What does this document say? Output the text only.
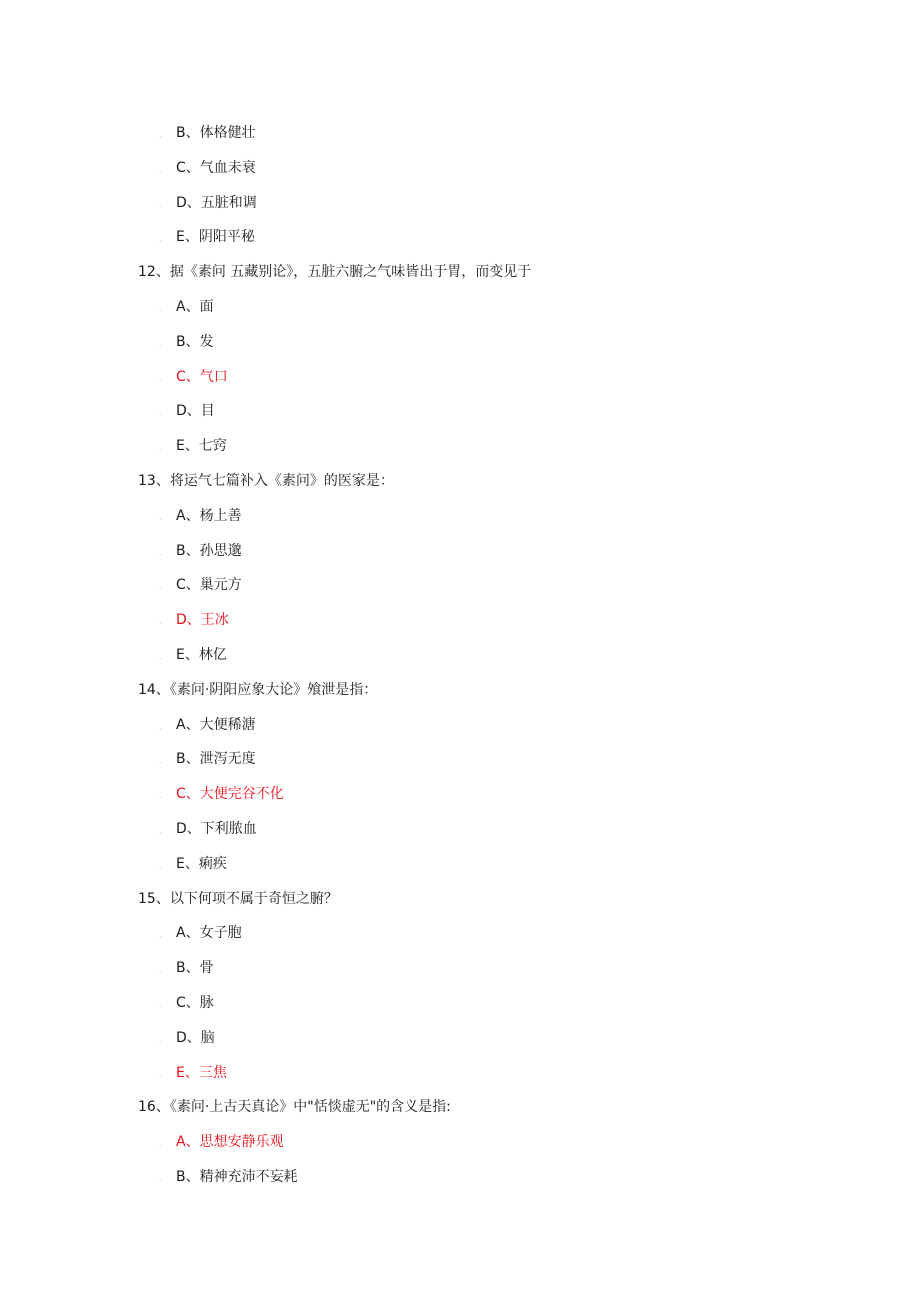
. B、体格健壮
. C、气血未衰
. D、五脏和调
. E、阴阳平秘
12、据《素问 五藏别论》，五脏六腑之气味皆出于胃，而变见于
. A、面
. B、发
. C、气口
. D、目
. E、七窍
13、将运气七篇补入《素问》的医家是：
. A、杨上善
. B、孙思邈
. C、巢元方
. D、王冰
. E、林亿
14、《素问·阴阳应象大论》飧泄是指：
. A、大便稀溏
. B、泄泻无度
. C、大便完谷不化
. D、下利脓血
. E、痢疾
15、以下何项不属于奇恒之腑？
. A、女子胞
. B、骨
. C、脉
. D、脑
. E、三焦
16、《素问·上古天真论》中"恬惔虚无"的含义是指:
. A、思想安静乐观
. B、精神充沛不妄耗
